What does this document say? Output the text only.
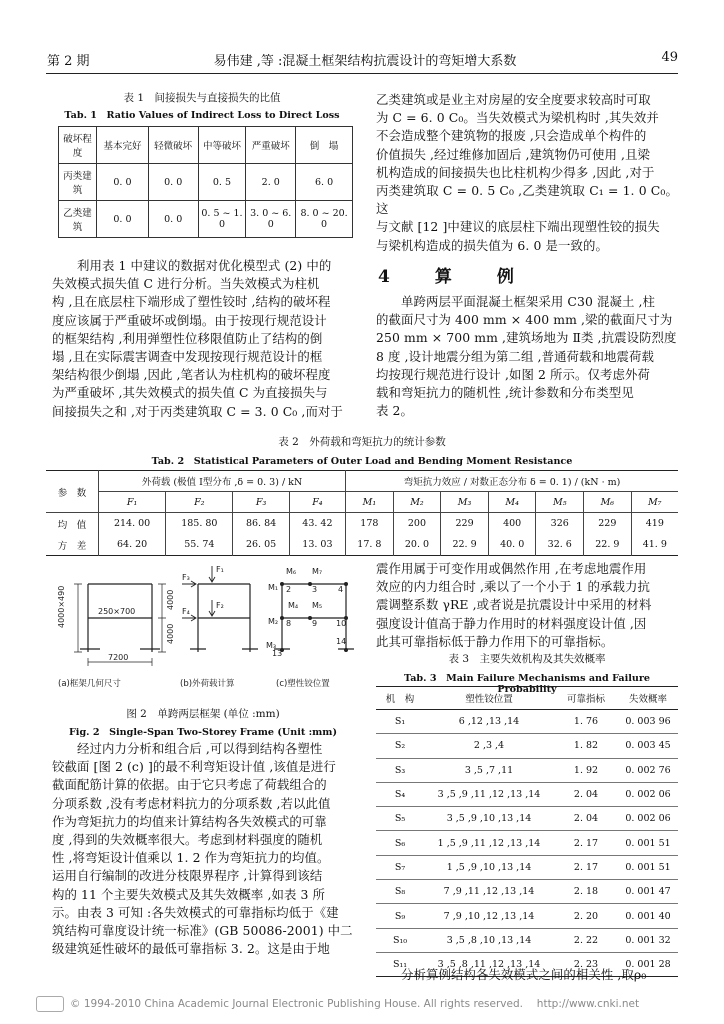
第 2 期	易伟建 ,等 :混凝土框架结构抗震设计的弯矩增大系数	49
表 1　间接损失与直接损失的比值
Tab. 1　Ratio Values of Indirect Loss to Direct Loss
破坏程度	基本完好	轻微破坏	中等破坏	严重破坏	倒　塌
丙类建筑	0. 0	0. 0	0. 5	2. 0	6. 0
乙类建筑	0. 0	0. 0	0. 5 ~ 1. 0	3. 0 ~ 6. 0	8. 0 ~ 20. 0
　　利用表 1 中建议的数据对优化模型式 (2) 中的
失效模式损失值 C 进行分析。当失效模式为柱机
构 ,且在底层柱下端形成了塑性铰时 ,结构的破坏程
度应该属于严重破坏或倒塌。由于按现行规范设计
的框架结构 ,利用弹塑性位移限值防止了结构的倒
塌 ,且在实际震害调查中发现按现行规范设计的框
架结构很少倒塌 ,因此 ,笔者认为柱机构的破坏程度
为严重破坏 ,其失效模式的损失值 C 为直接损失与
间接损失之和 ,对于丙类建筑取 C = 3. 0 C₀ ,而对于
乙类建筑或是业主对房屋的安全度要求较高时可取
为 C = 6. 0 C₀。当失效模式为梁机构时 ,其失效并
不会造成整个建筑物的报废 ,只会造成单个构件的
价值损失 ,经过维修加固后 ,建筑物仍可使用 ,且梁
机构造成的间接损失也比柱机构少得多 ,因此 ,对于
丙类建筑取 C = 0. 5 C₀ ,乙类建筑取 C₁ = 1. 0 C₀。这
与文献 [12 ]中建议的底层柱下端出现塑性铰的损失
与梁机构造成的损失值为 6. 0 是一致的。
4　算　例
　　单跨两层平面混凝土框架采用 C30 混凝土 ,柱
的截面尺寸为 400 mm × 400 mm ,梁的截面尺寸为
250 mm × 700 mm ,建筑场地为 Ⅱ类 ,抗震设防烈度
8 度 ,设计地震分组为第二组 ,普通荷载和地震荷载
均按现行规范进行设计 ,如图 2 所示。仅考虑外荷
载和弯矩抗力的随机性 ,统计参数和分布类型见
表 2。
表 2　外荷载和弯矩抗力的统计参数
Tab. 2　Statistical Parameters of Outer Load and Bending Moment Resistance
参　数	外荷载 (极值 Ⅰ型分布 ,δ = 0. 3) / kN				弯矩抗力效应 / 对数正态分布 δ = 0. 1) / (kN · m)						
	F₁	F₂	F₃	F₄	M₁	M₂	M₃	M₄	M₅	M₆	M₇
均　值	214. 00	185. 80	86. 84	43. 42	178	200	229	400	326	229	419
方　差	64. 20	55. 74	26. 05	13. 03	17. 8	20. 0	22. 9	40. 0	32. 6	22. 9	41. 9
4000×490	250×700
4000
4000
7200
F₁
F₃
F₂
F₄
M₆ M₇
M₁
M₄ M₅
M₂
M₃
2	3	4
8	9 10
13
14
(a)框架几何尺寸	(b)外荷载计算	(c)塑性铰位置
图 2　单跨两层框架 (单位 :mm)
Fig. 2　Single-Span Two-Storey Frame (Unit :mm)
　　经过内力分析和组合后 ,可以得到结构各塑性
铰截面 [图 2 (c) ]的最不利弯矩设计值 ,该值是进行
截面配筋计算的依据。由于它只考虑了荷载组合的
分项系数 ,没有考虑材料抗力的分项系数 ,若以此值
作为弯矩抗力的均值来计算结构各失效模式的可靠
度 ,得到的失效概率很大。考虑到材料强度的随机
性 ,将弯矩设计值乘以 1. 2 作为弯矩抗力的均值。
运用自行编制的改进分枝限界程序 ,计算得到该结
构的 11 个主要失效模式及其失效概率 ,如表 3 所
示。由表 3 可知 :各失效模式的可靠指标均低于《建
筑结构可靠度设计统一标准》(GB 50086-2001) 中二
级建筑延性破坏的最低可靠指标 3. 2。这是由于地
震作用属于可变作用或偶然作用 ,在考虑地震作用
效应的内力组合时 ,乘以了一个小于 1 的承载力抗
震调整系数 γRE ,或者说是抗震设计中采用的材料
强度设计值高于静力作用时的材料强度设计值 ,因
此其可靠指标低于静力作用下的可靠指标。
表 3　主要失效机构及其失效概率
Tab. 3　Main Failure Mechanisms and Failure Probability
机　构	塑性铰位置	可靠指标	失效概率
S₁	6 ,12 ,13 ,14	1. 76	0. 003 96
S₂	2 ,3 ,4	1. 82	0. 003 45
S₃	3 ,5 ,7 ,11	1. 92	0. 002 76
S₄	3 ,5 ,9 ,11 ,12 ,13 ,14	2. 04	0. 002 06
S₅	3 ,5 ,9 ,10 ,13 ,14	2. 04	0. 002 06
S₆	1 ,5 ,9 ,11 ,12 ,13 ,14	2. 17	0. 001 51
S₇	1 ,5 ,9 ,10 ,13 ,14	2. 17	0. 001 51
S₈	7 ,9 ,11 ,12 ,13 ,14	2. 18	0. 001 47
S₉	7 ,9 ,10 ,12 ,13 ,14	2. 20	0. 001 40
S₁₀	3 ,5 ,8 ,10 ,13 ,14	2. 22	0. 001 32
S₁₁	3 ,5 ,8 ,11 ,12 ,13 ,14	2. 23	0. 001 28
　　分析算例结构各失效模式之间的相关性 ,取ρ₀
© 1994-2010 China Academic Journal Electronic Publishing House. All rights reserved.　 http://www.cnki.net
